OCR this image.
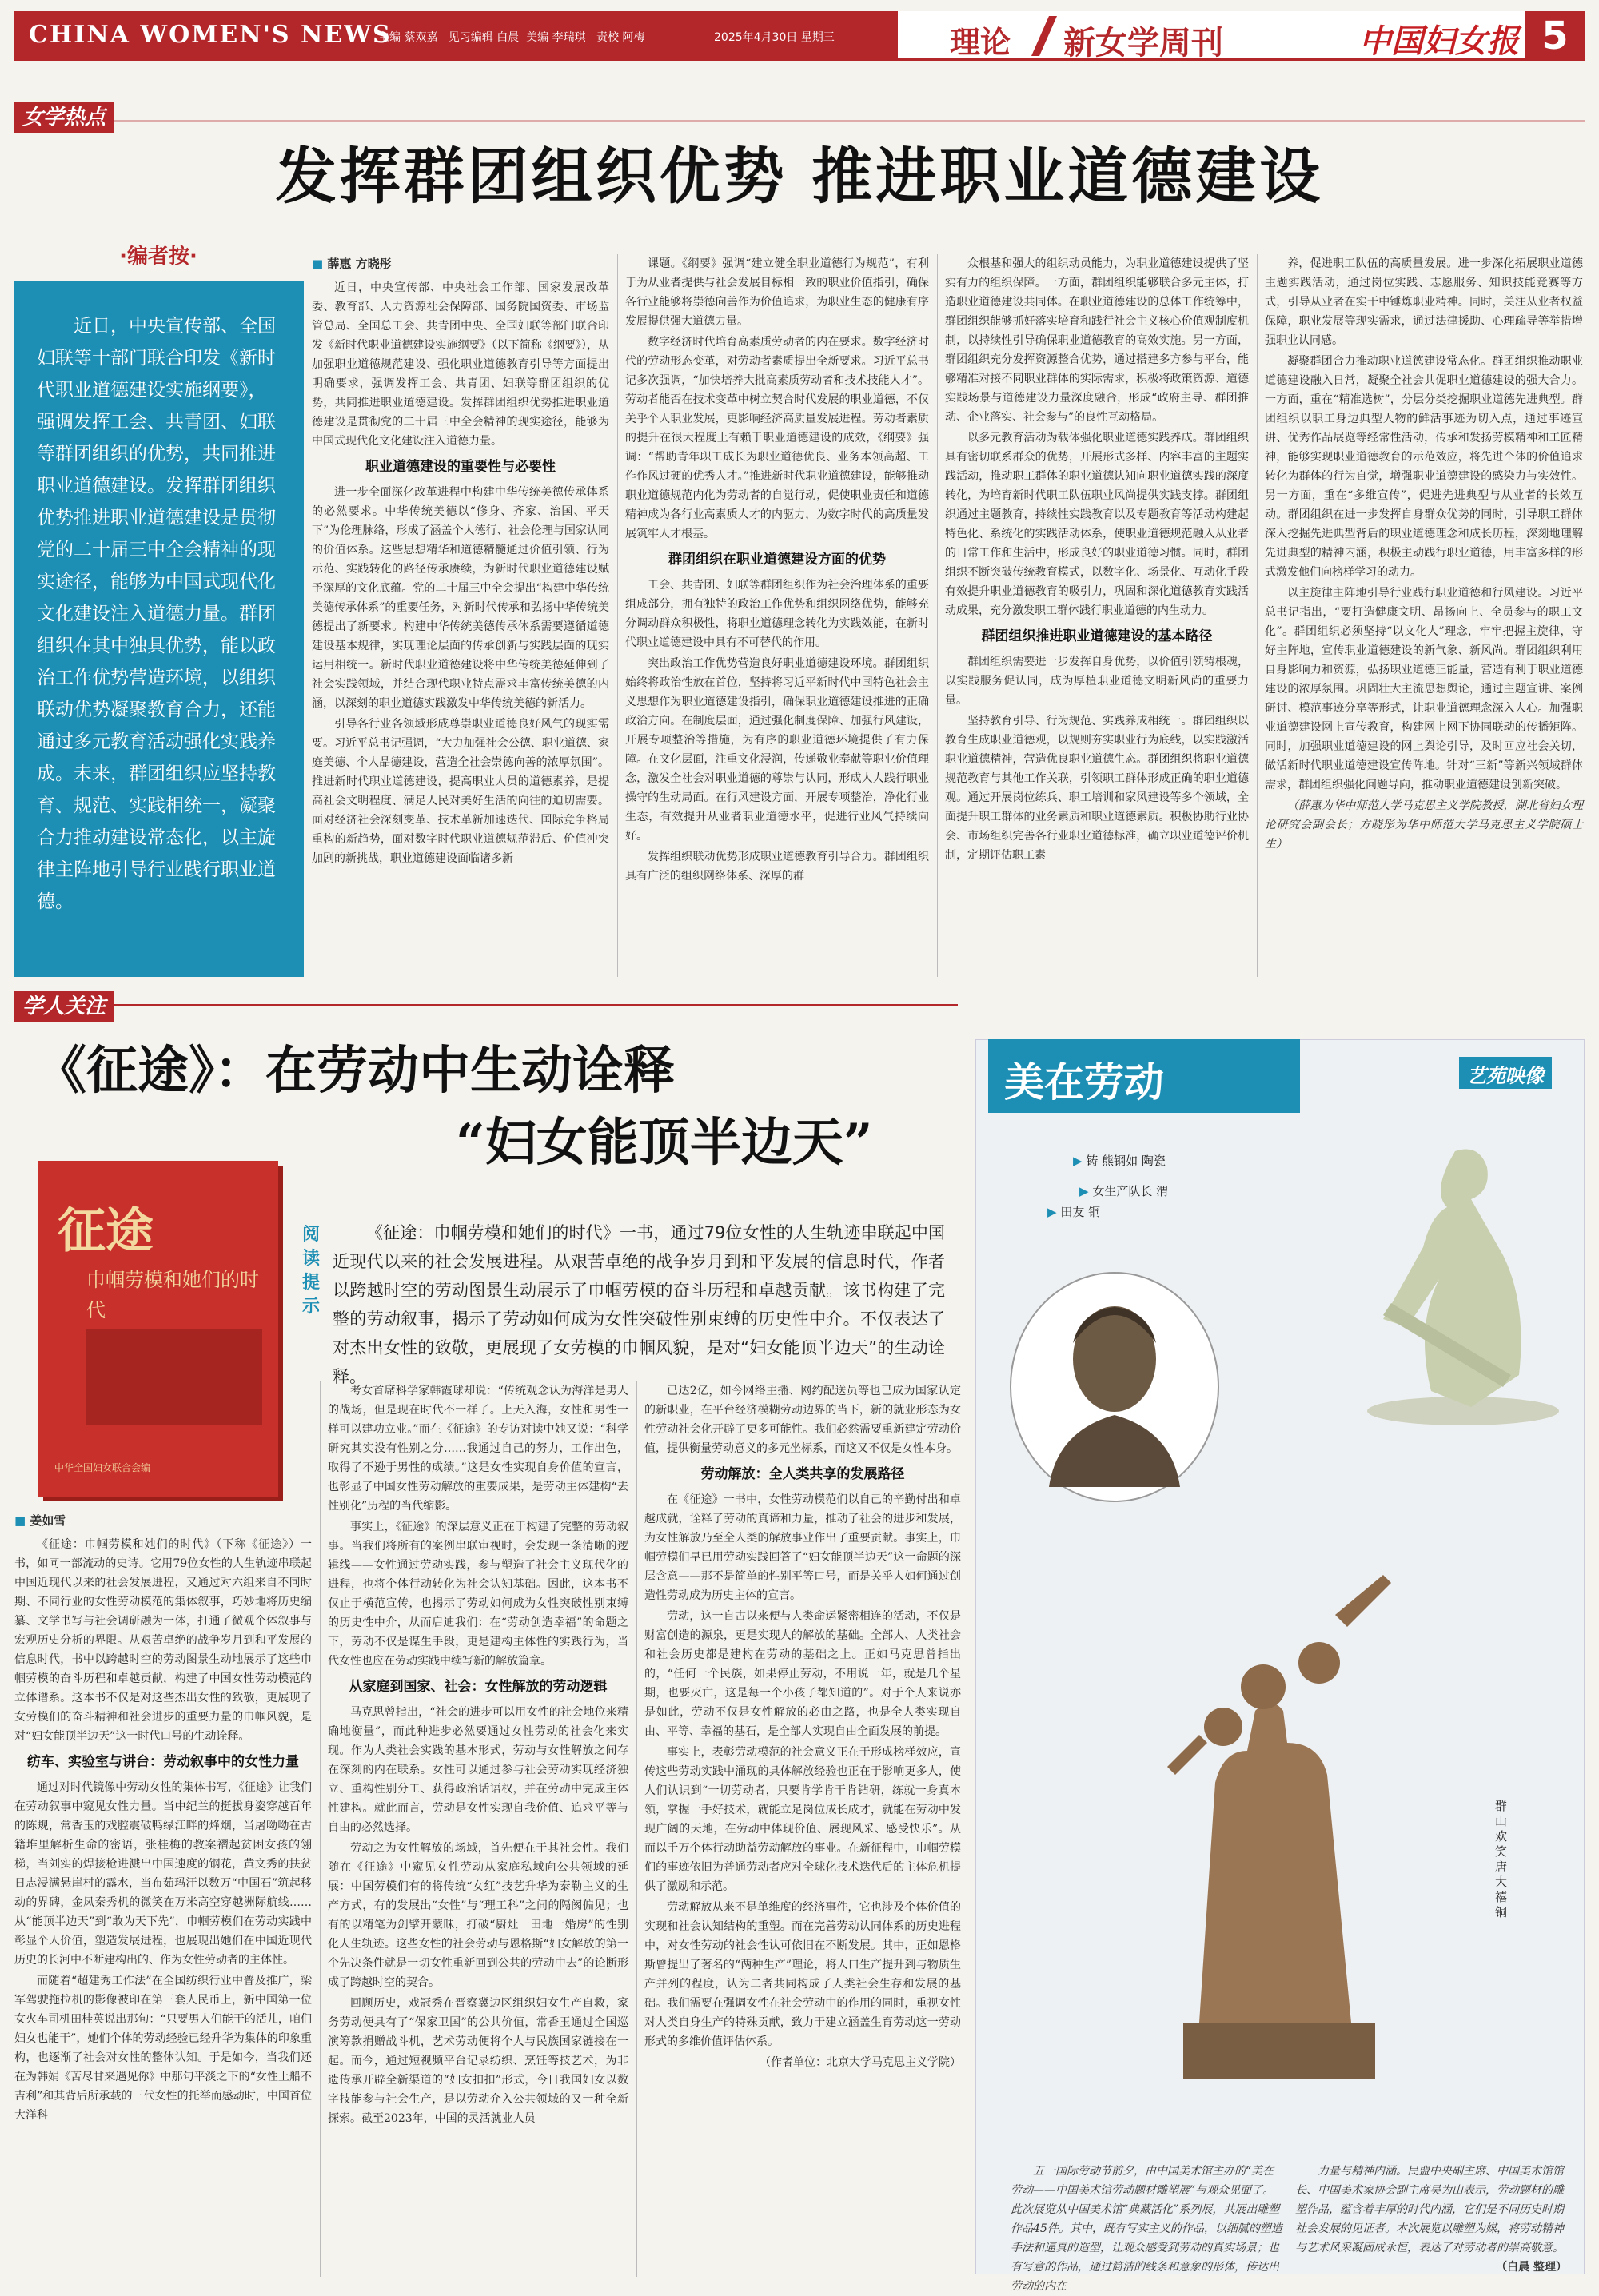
CHINA WOMEN'S NEWS
主编 蔡双嘉   见习编辑 白晨  美编 李瑞琪   责校 阿梅	2025年4月30日 星期三	理论 新女学周刊	中国妇女报 5
女学热点
发挥群团组织优势 推进职业道德建设
·编者按·

近日，中央宣传部、全国妇联等十部门联合印发《新时代职业道德建设实施纲要》，强调发挥工会、共青团、妇联等群团组织的优势，共同推进职业道德建设。发挥群团组织优势推进职业道德建设是贯彻党的二十届三中全会精神的现实途径，能够为中国式现代化文化建设注入道德力量。群团组织在其中独具优势，能以政治工作优势营造环境，以组织联动优势凝聚教育合力，还能通过多元教育活动强化实践养成。未来，群团组织应坚持教育、规范、实践相统一，凝聚合力推动建设常态化，以主旋律主阵地引导行业践行职业道德。

■ 薛惠 方晓彤

近日，中央宣传部、中央社会工作部、国家发展改革委、教育部、人力资源社会保障部、国务院国资委、市场监管总局、全国总工会、共青团中央、全国妇联等部门联合印发《新时代职业道德建设实施纲要》（以下简称《纲要》），从加强职业道德规范建设、强化职业道德教育引导等方面提出明确要求，强调发挥工会、共青团、妇联等群团组织的优势，共同推进职业道德建设。发挥群团组织优势推进职业道德建设是贯彻党的二十届三中全会精神的现实途径，能够为中国式现代化文化建设注入道德力量。

职业道德建设的重要性与必要性

进一步全面深化改革进程中构建中华传统美德传承体系的必然要求。中华传统美德以“修身、齐家、治国、平天下”为伦理脉络，形成了涵盖个人德行、社会伦理与国家认同的价值体系。这些思想精华和道德精髓通过价值引领、行为示范、实践转化的路径传承赓续，为新时代职业道德建设赋予深厚的文化底蕴。党的二十届三中全会提出“构建中华传统美德传承体系”的重要任务，对新时代传承和弘扬中华传统美德提出了新要求。构建中华传统美德传承体系需要遵循道德建设基本规律，实现理论层面的传承创新与实践层面的现实运用相统一。新时代职业道德建设将中华传统美德延伸到了社会实践领域，并结合现代职业特点需求丰富传统美德的内涵，以深刻的职业道德实践激发中华传统美德的新活力。

引导各行业各领域形成尊崇职业道德良好风气的现实需要。习近平总书记强调，“大力加强社会公德、职业道德、家庭美德、个人品德建设，营造全社会崇德向善的浓厚氛围”。推进新时代职业道德建设，提高职业人员的道德素养，是提高社会文明程度、满足人民对美好生活的向往的迫切需要。面对经济社会深刻变革、技术革新加速迭代、国际竞争格局重构的新趋势，面对数字时代职业道德规范滞后、价值冲突加剧的新挑战，职业道德建设面临诸多新

课题。《纲要》强调“建立健全职业道德行为规范”，有利于为从业者提供与社会发展目标相一致的职业价值指引，确保各行业能够将崇德向善作为价值追求，为职业生态的健康有序发展提供强大道德力量。

数字经济时代培育高素质劳动者的内在要求。数字经济时代的劳动形态变革，对劳动者素质提出全新要求。习近平总书记多次强调，“加快培养大批高素质劳动者和技术技能人才”。劳动者能否在技术变革中树立契合时代发展的职业道德，不仅关乎个人职业发展，更影响经济高质量发展进程。劳动者素质的提升在很大程度上有赖于职业道德建设的成效，《纲要》强调：“帮助青年职工成长为职业道德优良、业务本领高超、工作作风过硬的优秀人才。”推进新时代职业道德建设，能够推动职业道德规范内化为劳动者的自觉行动，促使职业责任和道德精神成为各行业高素质人才的内驱力，为数字时代的高质量发展筑牢人才根基。

群团组织在职业道德建设方面的优势

工会、共青团、妇联等群团组织作为社会治理体系的重要组成部分，拥有独特的政治工作优势和组织网络优势，能够充分调动群众积极性，将职业道德理念转化为实践效能，在新时代职业道德建设中具有不可替代的作用。

突出政治工作优势营造良好职业道德建设环境。群团组织始终将政治性放在首位，坚持将习近平新时代中国特色社会主义思想作为职业道德建设指引，确保职业道德建设推进的正确政治方向。在制度层面，通过强化制度保障、加强行风建设，开展专项整治等措施，为有序的职业道德环境提供了有力保障。在文化层面，注重文化浸润，传递敬业奉献等职业价值理念，激发全社会对职业道德的尊崇与认同，形成人人践行职业操守的生动局面。在行风建设方面，开展专项整治，净化行业生态，有效提升从业者职业道德水平，促进行业风气持续向好。

发挥组织联动优势形成职业道德教育引导合力。群团组织具有广泛的组织网络体系、深厚的群

众根基和强大的组织动员能力，为职业道德建设提供了坚实有力的组织保障。一方面，群团组织能够联合多元主体，打造职业道德建设共同体。在职业道德建设的总体工作统筹中，群团组织能够抓好落实培育和践行社会主义核心价值观制度机制，以持续性引导确保职业道德教育的高效实施。另一方面，群团组织充分发挥资源整合优势，通过搭建多方参与平台，能够精准对接不同职业群体的实际需求，积极将政策资源、道德实践场景与道德建设力量深度融合，形成“政府主导、群团推动、企业落实、社会参与”的良性互动格局。

以多元教育活动为载体强化职业道德实践养成。群团组织具有密切联系群众的优势，开展形式多样、内容丰富的主题实践活动，推动职工群体的职业道德认知向职业道德实践的深度转化，为培育新时代职工队伍职业风尚提供实践支撑。群团组织通过主题教育，持续性实践教育以及专题教育等活动构建起特色化、系统化的实践活动体系，使职业道德规范融入从业者的日常工作和生活中，形成良好的职业道德习惯。同时，群团组织不断突破传统教育模式，以数字化、场景化、互动化手段有效提升职业道德教育的吸引力，巩固和深化道德教育实践活动成果，充分激发职工群体践行职业道德的内生动力。

群团组织推进职业道德建设的基本路径

群团组织需要进一步发挥自身优势，以价值引领铸根魂，以实践服务促认同，成为厚植职业道德文明新风尚的重要力量。

坚持教育引导、行为规范、实践养成相统一。群团组织以教育生成职业道德观，以规则夯实职业行为底线，以实践激活职业道德精神，营造优良职业道德生态。群团组织将职业道德规范教育与其他工作关联，引领职工群体形成正确的职业道德观。通过开展岗位练兵、职工培训和家风建设等多个领域，全面提升职工群体的业务素质和职业道德素质。积极协助行业协会、市场组织完善各行业职业道德标准，确立职业道德评价机制，定期评估职工素

养，促进职工队伍的高质量发展。进一步深化拓展职业道德主题实践活动，通过岗位实践、志愿服务、知识技能竞赛等方式，引导从业者在实干中锤炼职业精神。同时，关注从业者权益保障，职业发展等现实需求，通过法律援助、心理疏导等举措增强职业认同感。

凝聚群团合力推动职业道德建设常态化。群团组织推动职业道德建设融入日常，凝聚全社会共促职业道德建设的强大合力。一方面，重在“精准选树”，分层分类挖掘职业道德先进典型。群团组织以职工身边典型人物的鲜活事迹为切入点，通过事迹宣讲、优秀作品展览等经常性活动，传承和发扬劳模精神和工匠精神，能够实现职业道德教育的示范效应，将先进个体的价值追求转化为群体的行为自觉，增强职业道德建设的感染力与实效性。另一方面，重在“多维宣传”，促进先进典型与从业者的长效互动。群团组织在进一步发挥自身群众优势的同时，引导职工群体深入挖掘先进典型背后的职业道德理念和成长历程，深刻地理解先进典型的精神内涵，积极主动践行职业道德，用丰富多样的形式激发他们向榜样学习的动力。

以主旋律主阵地引导行业践行职业道德和行风建设。习近平总书记指出，“要打造健康文明、昂扬向上、全员参与的职工文化”。群团组织必须坚持“以文化人”理念，牢牢把握主旋律，守好主阵地，宣传职业道德建设的新气象、新风尚。群团组织利用自身影响力和资源，弘扬职业道德正能量，营造有利于职业道德建设的浓厚氛围。巩固壮大主流思想舆论，通过主题宣讲、案例研讨、模范事迹分享等形式，让职业道德理念深入人心。加强职业道德建设网上宣传教育，构建网上网下协同联动的传播矩阵。同时，加强职业道德建设的网上舆论引导，及时回应社会关切，做活新时代职业道德建设宣传阵地。针对“三新”等新兴领域群体需求，群团组织强化问题导向，推动职业道德建设创新突破。

（薛惠为华中师范大学马克思主义学院教授，湖北省妇女理论研究会副会长；方晓彤为华中师范大学马克思主义学院硕士生）

学人关注
《征途》：在劳动中生动诠释
“妇女能顶半边天”
征途
巾帼劳模和她们的时代
中华全国妇女联合会编
阅读提示

《征途：巾帼劳模和她们的时代》一书，通过79位女性的人生轨迹串联起中国近现代以来的社会发展进程。从艰苦卓绝的战争岁月到和平发展的信息时代，作者以跨越时空的劳动图景生动展示了巾帼劳模的奋斗历程和卓越贡献。该书构建了完整的劳动叙事，揭示了劳动如何成为女性突破性别束缚的历史性中介。不仅表达了对杰出女性的致敬，更展现了女劳模的巾帼风貌，是对“妇女能顶半边天”的生动诠释。

■ 姜如雪

《征途：巾帼劳模和她们的时代》（下称《征途》）一书，如同一部流动的史诗。它用79位女性的人生轨迹串联起中国近现代以来的社会发展进程，又通过对六组来自不同时期、不同行业的女性劳动模范的集体叙事，巧妙地将历史编纂、文学书写与社会调研融为一体，打通了微观个体叙事与宏观历史分析的界限。从艰苦卓绝的战争岁月到和平发展的信息时代，书中以跨越时空的劳动图景生动地展示了这些巾帼劳模的奋斗历程和卓越贡献，构建了中国女性劳动模范的立体谱系。这本书不仅是对这些杰出女性的致敬，更展现了女劳模们的奋斗精神和社会进步的重要力量的巾帼风貌，是对“妇女能顶半边天”这一时代口号的生动诠释。

纺车、实验室与讲台：劳动叙事中的女性力量

通过对时代镜像中劳动女性的集体书写，《征途》让我们在劳动叙事中窥见女性力量。当中纪兰的挺拔身姿穿越百年的陈规，常香玉的戏腔震破鸭绿江畔的烽烟，当屠呦呦在古籍堆里解析生命的密语，张桂梅的教案褶起贫困女孩的翎梯，当刘实的焊接枪进溅出中国速度的钢花，黄文秀的扶贫日志浸满悬崖村的露水，当布茹玛汗以数万“中国石”筑起移动的界碑，金凤秦秀机的微笑在万米高空穿越洲际航线……从“能顶半边天”到“敢为天下先”，巾帼劳模们在劳动实践中彰显个人价值，塑造发展进程，也展现出她们在中国近现代历史的长河中不断建构出的、作为女性劳动者的主体性。

而随着“超建秀工作法”在全国纺织行业中普及推广，梁军驾驶拖拉机的影像被印在第三套人民币上，新中国第一位女火车司机田桂英说出那句：“只要男人们能干的活儿，咱们妇女也能干”，她们个体的劳动经验已经升华为集体的印象重构，也逐渐了社会对女性的整体认知。于是如今，当我们还在为韩娟《苦尽甘来遇见你》中那句平淡之下的“女性上船不吉利”和其背后所承载的三代女性的托举而感动时，中国首位大洋科

考女首席科学家韩霞球却说：“传统观念认为海洋是男人的战场，但是现在时代不一样了。上天入海，女性和男性一样可以建功立业。”而在《征途》的专访对读中她又说：“科学研究其实没有性别之分……我通过自己的努力，工作出色，取得了不逊于男性的成绩。”这是女性实现自身价值的宣言，也彰显了中国女性劳动解放的重要成果，是劳动主体建构“去性别化”历程的当代缩影。

事实上，《征途》的深层意义正在于构建了完整的劳动叙事。当我们将所有的案例串联审视时，会发现一条清晰的逻辑线——女性通过劳动实践，参与塑造了社会主义现代化的进程，也将个体行动转化为社会认知基础。因此，这本书不仅止于横范宣传，也揭示了劳动如何成为女性突破性别束缚的历史性中介，从而启迪我们：在“劳动创造幸福”的命题之下，劳动不仅是谋生手段，更是建构主体性的实践行为，当代女性也应在劳动实践中续写新的解放篇章。

从家庭到国家、社会：女性解放的劳动逻辑

马克思曾指出，“社会的进步可以用女性的社会地位来精确地衡量”，而此种进步必然要通过女性劳动的社会化来实现。作为人类社会实践的基本形式，劳动与女性解放之间存在深刻的内在联系。女性可以通过参与社会劳动实现经济独立、重构性别分工、获得政治话语权，并在劳动中完成主体性建构。就此而言，劳动是女性实现自我价值、追求平等与自由的必然选择。

劳动之为女性解放的场域，首先便在于其社会性。我们随在《征途》中窥见女性劳动从家庭私域向公共领域的延展：中国劳模们有的将传统“女红”技艺升华为泰勒主义的生产方式，有的发展出“女性”与“理工科”之间的隔阂偏见；也有的以精笔为剑擘开蒙昧，打破“厨灶一田地一婚房”的性别化人生轨迹。这些女性的社会劳动与恩格斯“妇女解放的第一个先决条件就是一切女性重新回到公共的劳动中去”的论断形成了跨越时空的契合。

回顾历史，戏冠秀在晋察冀边区组织妇女生产自救，家务劳动便具有了“保家卫国”的公共价值，常香玉通过全国巡演筹款捐赠战斗机，艺术劳动便将个人与民族国家链接在一起。而今，通过短视频平台记录纺织、烹饪等技艺术，为非遗传承开辟全新渠道的“妇女扣扣”形式，今日我国妇女以数字技能参与社会生产，是以劳动介入公共领域的又一种全新探索。截至2023年，中国的灵活就业人员

已达2亿，如今网络主播、网约配送员等也已成为国家认定的新职业，在平台经济模糊劳动边界的当下，新的就业形态为女性劳动社会化开辟了更多可能性。我们必然需要重新建定劳动价值，提供衡量劳动意义的多元坐标系，而这又不仅是女性本身。

劳动解放：全人类共享的发展路径

在《征途》一书中，女性劳动模范们以自己的辛勤付出和卓越成就，诠释了劳动的真谛和力量，推动了社会的进步和发展，为女性解放乃至全人类的解放事业作出了重要贡献。事实上，巾帼劳模们早已用劳动实践回答了“妇女能顶半边天”这一命题的深层含意——那不是简单的性别平等口号，而是关乎人如何通过创造性劳动成为历史主体的宣言。

劳动，这一自古以来便与人类命运紧密相连的活动，不仅是财富创造的源泉，更是实现人的解放的基础。全部人、人类社会和社会历史都是建构在劳动的基础之上。正如马克思曾指出的，“任何一个民族，如果停止劳动，不用说一年，就是几个星期，也要灭亡，这是每一个小孩子都知道的”。对于个人来说亦是如此，劳动不仅是女性解放的必由之路，也是全人类实现自由、平等、幸福的基石，是全部人实现自由全面发展的前提。

事实上，表彰劳动模范的社会意义正在于形成榜样效应，宣传这些劳动实践中涌现的具体解放经验也正在于影响更多人，使人们认识到“一切劳动者，只要肯学肯干肯钻研，练就一身真本领，掌握一手好技术，就能立足岗位成长成才，就能在劳动中发现广阔的天地，在劳动中体现价值、展现风采、感受快乐”。从而以千万个体行动助益劳动解放的事业。在新征程中，巾帼劳模们的事迹依旧为普通劳动者应对全球化技术迭代后的主体危机提供了激励和示范。

劳动解放从来不是单维度的经济事件，它也涉及个体价值的实现和社会认知结构的重塑。而在完善劳动认同体系的历史进程中，对女性劳动的社会性认可依旧在不断发展。其中，正如恩格斯曾提出了著名的“两种生产”理论，将人口生产提升到与物质生产并列的程度，认为二者共同构成了人类社会生存和发展的基础。我们需要在强调女性在社会劳动中的作用的同时，重视女性对人类自身生产的特殊贡献，致力于建立涵盖生育劳动这一劳动形式的多维价值评估体系。

（作者单位：北京大学马克思主义学院）

美在劳动	艺苑映像
▶ 铸 熊钢如 陶瓷
▶ 女生产队长 渭
▶ 田友 铜
群山欢笑 唐大禧 铜

五一国际劳动节前夕，由中国美术馆主办的“美在劳动——中国美术馆劳动题材雕塑展”与观众见面了。此次展览从中国美术馆“典藏活化”系列展，共展出雕塑作品45件。其中，既有写实主义的作品，以细腻的塑造手法和逼真的造型，让观众感受到劳动的真实场景；也有写意的作品，通过简洁的线条和意象的形体，传达出劳动的内在

力量与精神内涵。民盟中央副主席、中国美术馆馆长、中国美术家协会副主席吴为山表示，劳动题材的雕塑作品，蕴含着丰厚的时代内涵，它们是不同历史时期社会发展的见证者。本次展览以雕塑为媒，将劳动精神与艺术风采凝固成永恒，表达了对劳动者的崇高敬意。

（白晨 整理）
